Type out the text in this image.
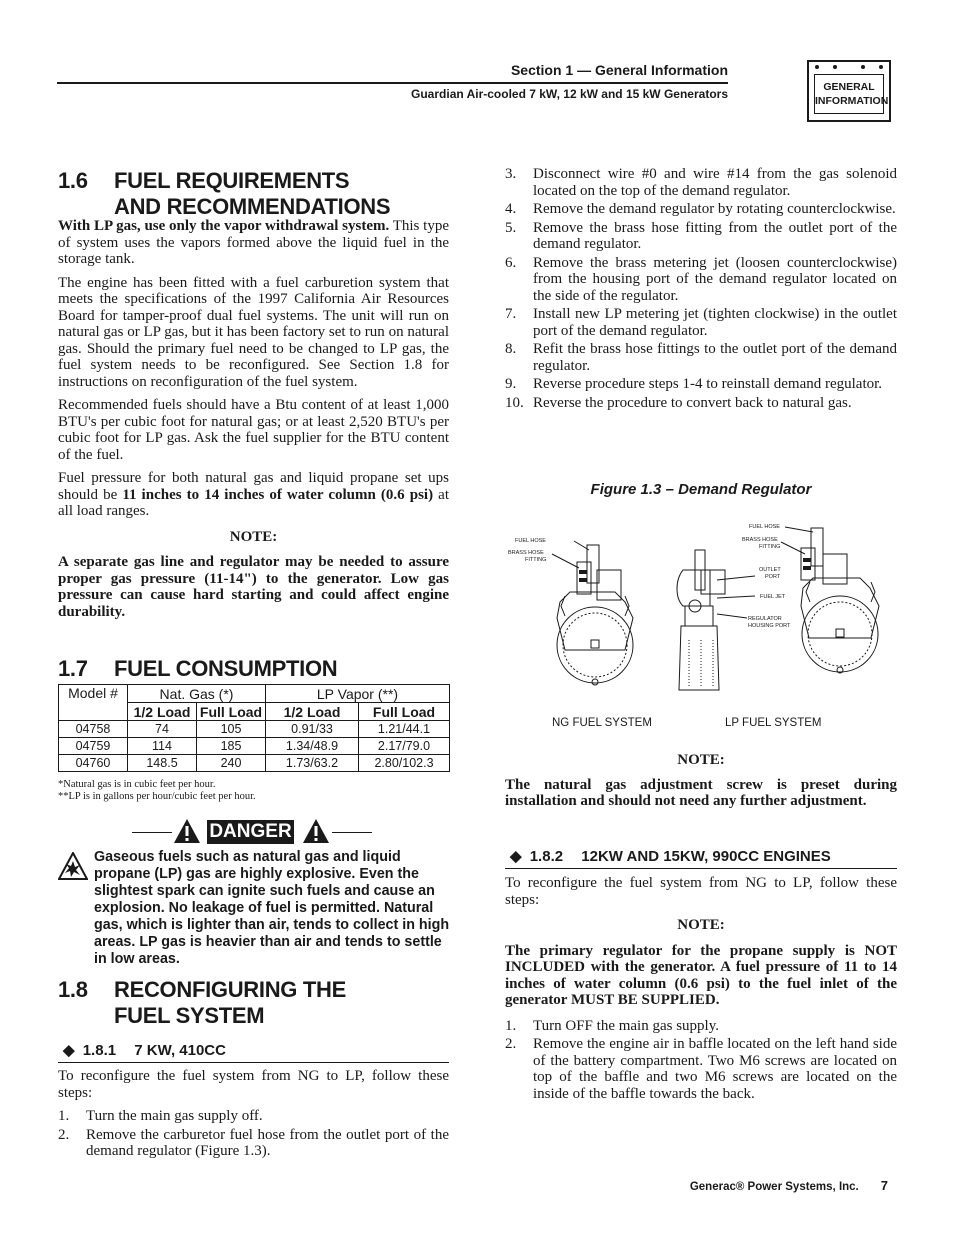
Section 1 — General Information
Guardian Air-cooled 7 kW, 12 kW and 15 kW Generators	GENERAL
INFORMATION
1.6 FUEL REQUIREMENTS
AND RECOMMENDATIONS

With LP gas, use only the vapor withdrawal system. This type of system uses the vapors formed above the liquid fuel in the storage tank.

The engine has been fitted with a fuel carburetion system that meets the specifications of the 1997 California Air Resources Board for tamper-proof dual fuel systems. The unit will run on natural gas or LP gas, but it has been factory set to run on natural gas. Should the primary fuel need to be changed to LP gas, the fuel system needs to be reconfigured. See Section 1.8 for instructions on reconfiguration of the fuel system.

Recommended fuels should have a Btu content of at least 1,000 BTU's per cubic foot for natural gas; or at least 2,520 BTU's per cubic foot for LP gas. Ask the fuel supplier for the BTU content of the fuel.

Fuel pressure for both natural gas and liquid propane set ups should be 11 inches to 14 inches of water column (0.6 psi) at all load ranges.

NOTE:

A separate gas line and regulator may be needed to assure proper gas pressure (11-14") to the generator. Low gas pressure can cause hard starting and could affect engine durability.

1.7 FUEL CONSUMPTION
Model #	Nat. Gas (*)		LP Vapor (**)	
	1/2 Load	Full Load	1/2 Load	Full Load
04758	74	105	0.91/33	1.21/44.1
04759	114	185	1.34/48.9	2.17/79.0
04760	148.5	240	1.73/63.2	2.80/102.3
*Natural gas is in cubic feet per hour.
**LP is in gallons per hour/cubic feet per hour.
DANGER
Gaseous fuels such as natural gas and liquid propane (LP) gas are highly explosive. Even the slightest spark can ignite such fuels and cause an explosion. No leakage of fuel is permitted. Natural gas, which is lighter than air, tends to collect in high areas. LP gas is heavier than air and tends to settle in low areas.
1.8 RECONFIGURING THE
FUEL SYSTEM
◆ 1.8.1 7 KW, 410CC

To reconfigure the fuel system from NG to LP, follow these steps:

1. Turn the main gas supply off.
2. Remove the carburetor fuel hose from the outlet port of the demand regulator (Figure 1.3).
3. Disconnect wire #0 and wire #14 from the gas solenoid located on the top of the demand regulator.
4. Remove the demand regulator by rotating counterclockwise.
5. Remove the brass hose fitting from the outlet port of the demand regulator.
6. Remove the brass metering jet (loosen counterclockwise) from the housing port of the demand regulator located on the side of the regulator.
7. Install new LP metering jet (tighten clockwise) in the outlet port of the demand regulator.
8. Refit the brass hose fittings to the outlet port of the demand regulator.
9. Reverse procedure steps 1-4 to reinstall demand regulator.
10. Reverse the procedure to convert back to natural gas.
Figure 1.3 – Demand Regulator
FUEL HOSE
BRASS HOSE
FITTING
FUEL HOSE
BRASS HOSE
FITTING
OUTLET
PORT
FUEL JET
REGULATOR
HOUSING PORT
NG FUEL SYSTEM	LP FUEL SYSTEM

NOTE:

The natural gas adjustment screw is preset during installation and should not need any further adjustment.

◆ 1.8.2 12KW AND 15KW, 990CC ENGINES

To reconfigure the fuel system from NG to LP, follow these steps:

NOTE:

The primary regulator for the propane supply is NOT INCLUDED with the generator. A fuel pressure of 11 to 14 inches of water column (0.6 psi) to the fuel inlet of the generator MUST BE SUPPLIED.

1. Turn OFF the main gas supply.
2. Remove the engine air in baffle located on the left hand side of the battery compartment. Two M6 screws are located on top of the baffle and two M6 screws are located on the inside of the baffle towards the back.
Generac® Power Systems, Inc. 7
